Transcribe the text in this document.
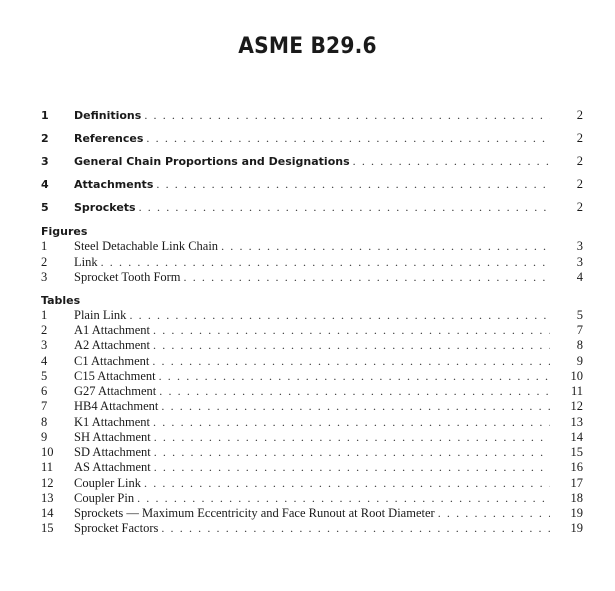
ASME B29.6
1	Definitions . . .	2
2	References . . .	2
3	General Chain Proportions and Designations . . .	2
4	Attachments . . .	2
5	Sprockets . . .	2
Figures
1	Steel Detachable Link Chain . . .	3
2	Link . . .	3
3	Sprocket Tooth Form . . .	4
Tables
1	Plain Link . . .	5
2	A1 Attachment . . .	7
3	A2 Attachment . . .	8
4	C1 Attachment . . .	9
5	C15 Attachment . . .	10
6	G27 Attachment . . .	11
7	HB4 Attachment . . .	12
8	K1 Attachment . . .	13
9	SH Attachment . . .	14
10	SD Attachment . . .	15
11	AS Attachment . . .	16
12	Coupler Link . . .	17
13	Coupler Pin . . .	18
14	Sprockets — Maximum Eccentricity and Face Runout at Root Diameter . . .	19
15	Sprocket Factors . . .	19
